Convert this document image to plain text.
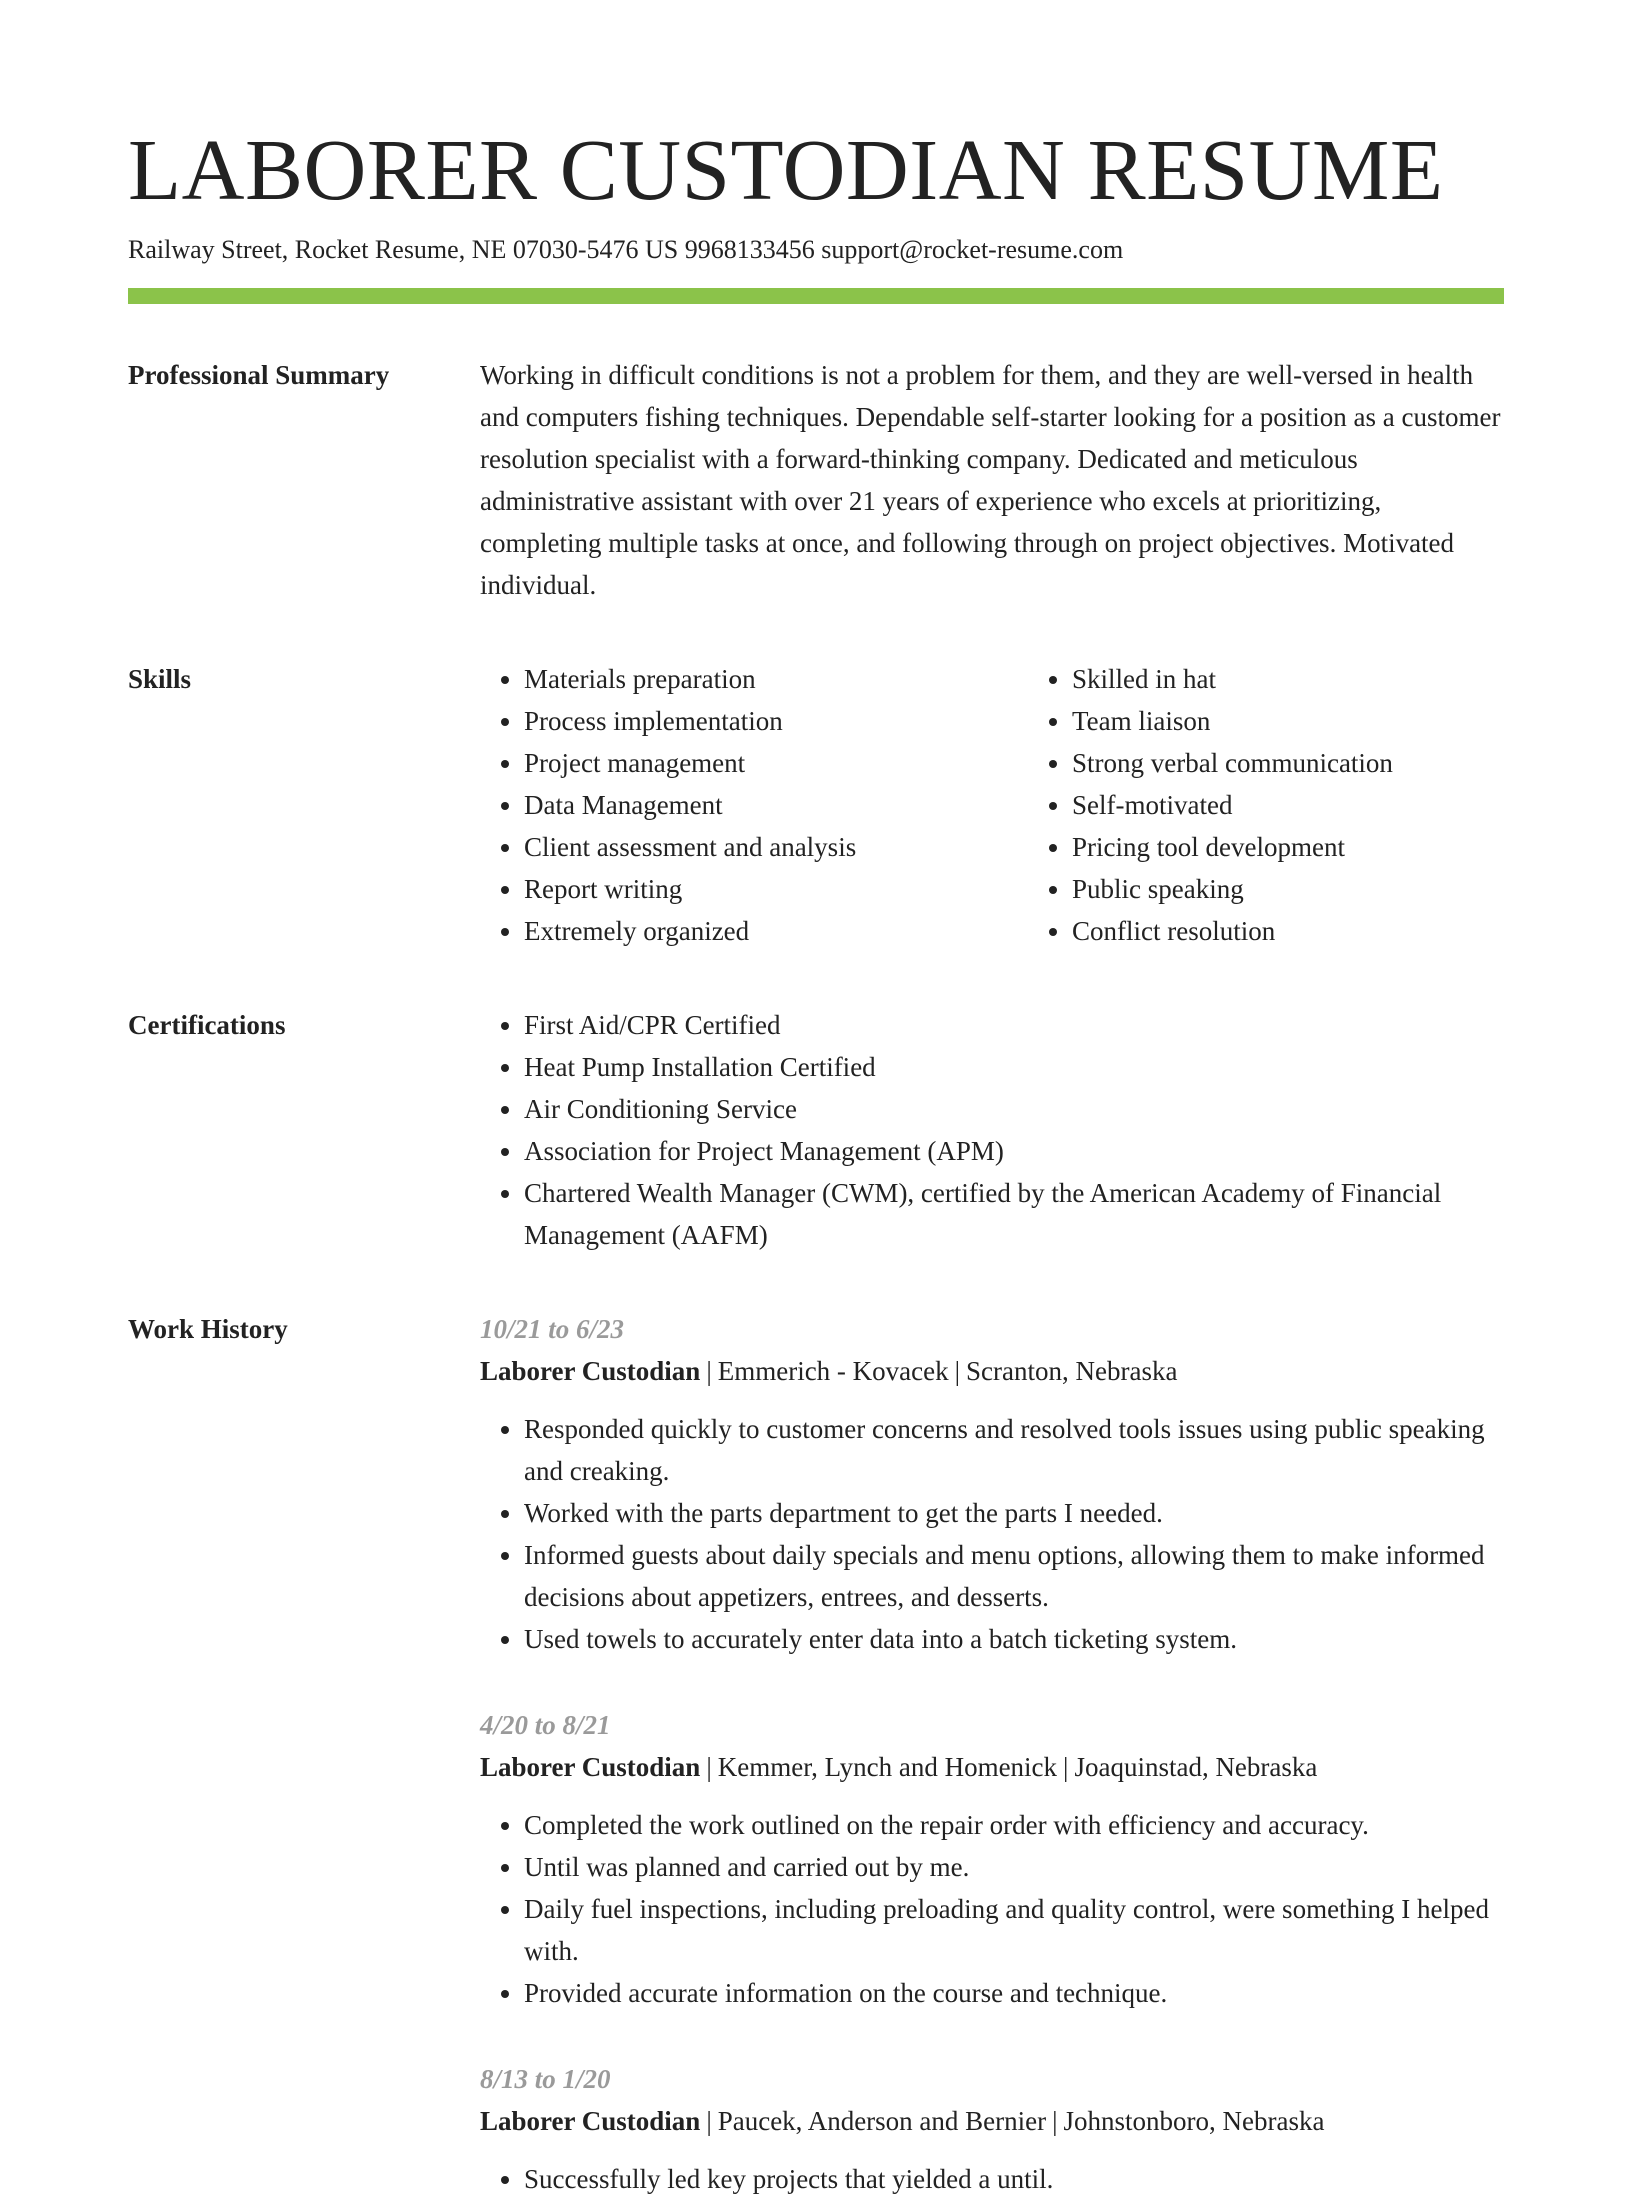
LABORER CUSTODIAN RESUME
Railway Street, Rocket Resume, NE 07030-5476 US 9968133456 support@rocket-resume.com
Professional Summary	Working in difficult conditions is not a problem for them, and they are well-versed in health and computers fishing techniques. Dependable self-starter looking for a position as a customer resolution specialist with a forward-thinking company. Dedicated and meticulous administrative assistant with over 21 years of experience who excels at prioritizing, completing multiple tasks at once, and following through on project objectives. Motivated individual.

Skills	• Materials preparation
• Process implementation
• Project management
• Data Management
• Client assessment and analysis
• Report writing
• Extremely organized
• Skilled in hat
• Team liaison
• Strong verbal communication
• Self-motivated
• Pricing tool development
• Public speaking
• Conflict resolution
Certifications	• First Aid/CPR Certified
• Heat Pump Installation Certified
• Air Conditioning Service
• Association for Project Management (APM)
• Chartered Wealth Manager (CWM), certified by the American Academy of Financial Management (AAFM)
Work History	10/21 to 6/23
Laborer Custodian | Emmerich - Kovacek | Scranton, Nebraska
• Responded quickly to customer concerns and resolved tools issues using public speaking and creaking.
• Worked with the parts department to get the parts I needed.
• Informed guests about daily specials and menu options, allowing them to make informed decisions about appetizers, entrees, and desserts.
• Used towels to accurately enter data into a batch ticketing system.
4/20 to 8/21
Laborer Custodian | Kemmer, Lynch and Homenick | Joaquinstad, Nebraska
• Completed the work outlined on the repair order with efficiency and accuracy.
• Until was planned and carried out by me.
• Daily fuel inspections, including preloading and quality control, were something I helped with.
• Provided accurate information on the course and technique.
8/13 to 1/20
Laborer Custodian | Paucek, Anderson and Bernier | Johnstonboro, Nebraska
• Successfully led key projects that yielded a until.
